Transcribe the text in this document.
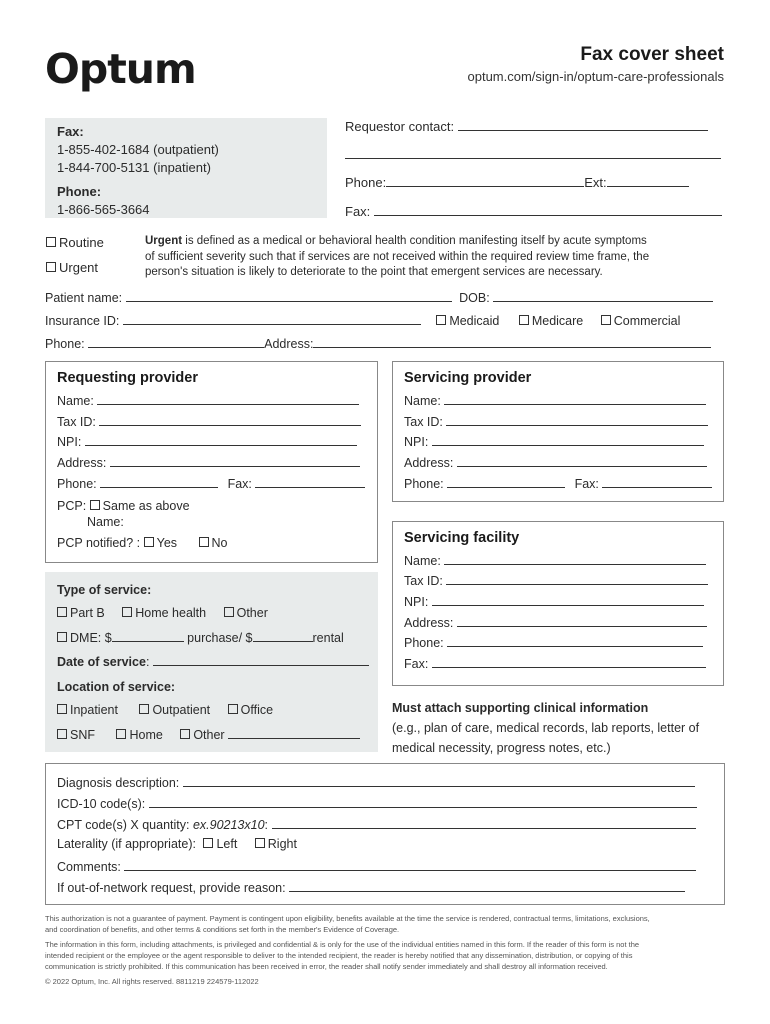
Optum	Fax cover sheet
optum.com/sign-in/optum-care-professionals
Fax:
1-855-402-1684 (outpatient)
1-844-700-5131 (inpatient)
Phone:
1-866-565-3664
Requestor contact:
Phone:	Ext:
Fax:
Routine
Urgent
Urgent is defined as a medical or behavioral health condition manifesting itself by acute symptoms
of sufficient severity such that if services are not received within the required review time frame, the
person's situation is likely to deteriorate to the point that emergent services are necessary.
Patient name:	DOB:
Insurance ID:	Medicaid	Medicare Commercial
Phone:	Address:
Requesting provider
Name:
Tax ID:
NPI:
Address:
Phone:	Fax:
PCP: Same as above
Name:
PCP notified? : Yes	No
Servicing provider
Name:
Tax ID:
NPI:
Address:
Phone:	Fax:
Servicing facility
Name:
Tax ID:
NPI:
Address:
Phone:
Fax:
Type of service:
Part B Home health Other
DME: $	purchase/ $	rental
Date of service:
Location of service:
Inpatient	Outpatient Office
SNF	Home Other
Must attach supporting clinical information
(e.g., plan of care, medical records, lab reports, letter of
medical necessity, progress notes, etc.)
Diagnosis description:
ICD-10 code(s):
CPT code(s) X quantity: ex.90213x10:
Laterality (if appropriate): Left Right
Comments:
If out-of-network request, provide reason:
This authorization is not a guarantee of payment. Payment is contingent upon eligibility, benefits available at the time the service is rendered, contractual terms, limitations, exclusions,
and coordination of benefits, and other terms & conditions set forth in the member's Evidence of Coverage.
The information in this form, including attachments, is privileged and confidential & is only for the use of the individual entities named in this form. If the reader of this form is not the
intended recipient or the employee or the agent responsible to deliver to the intended recipient, the reader is hereby notified that any dissemination, distribution, or copying of this
communication is strictly prohibited. If this communication has been received in error, the reader shall notify sender immediately and shall destroy all information received.
© 2022 Optum, Inc. All rights reserved. 8811219 224579-112022
